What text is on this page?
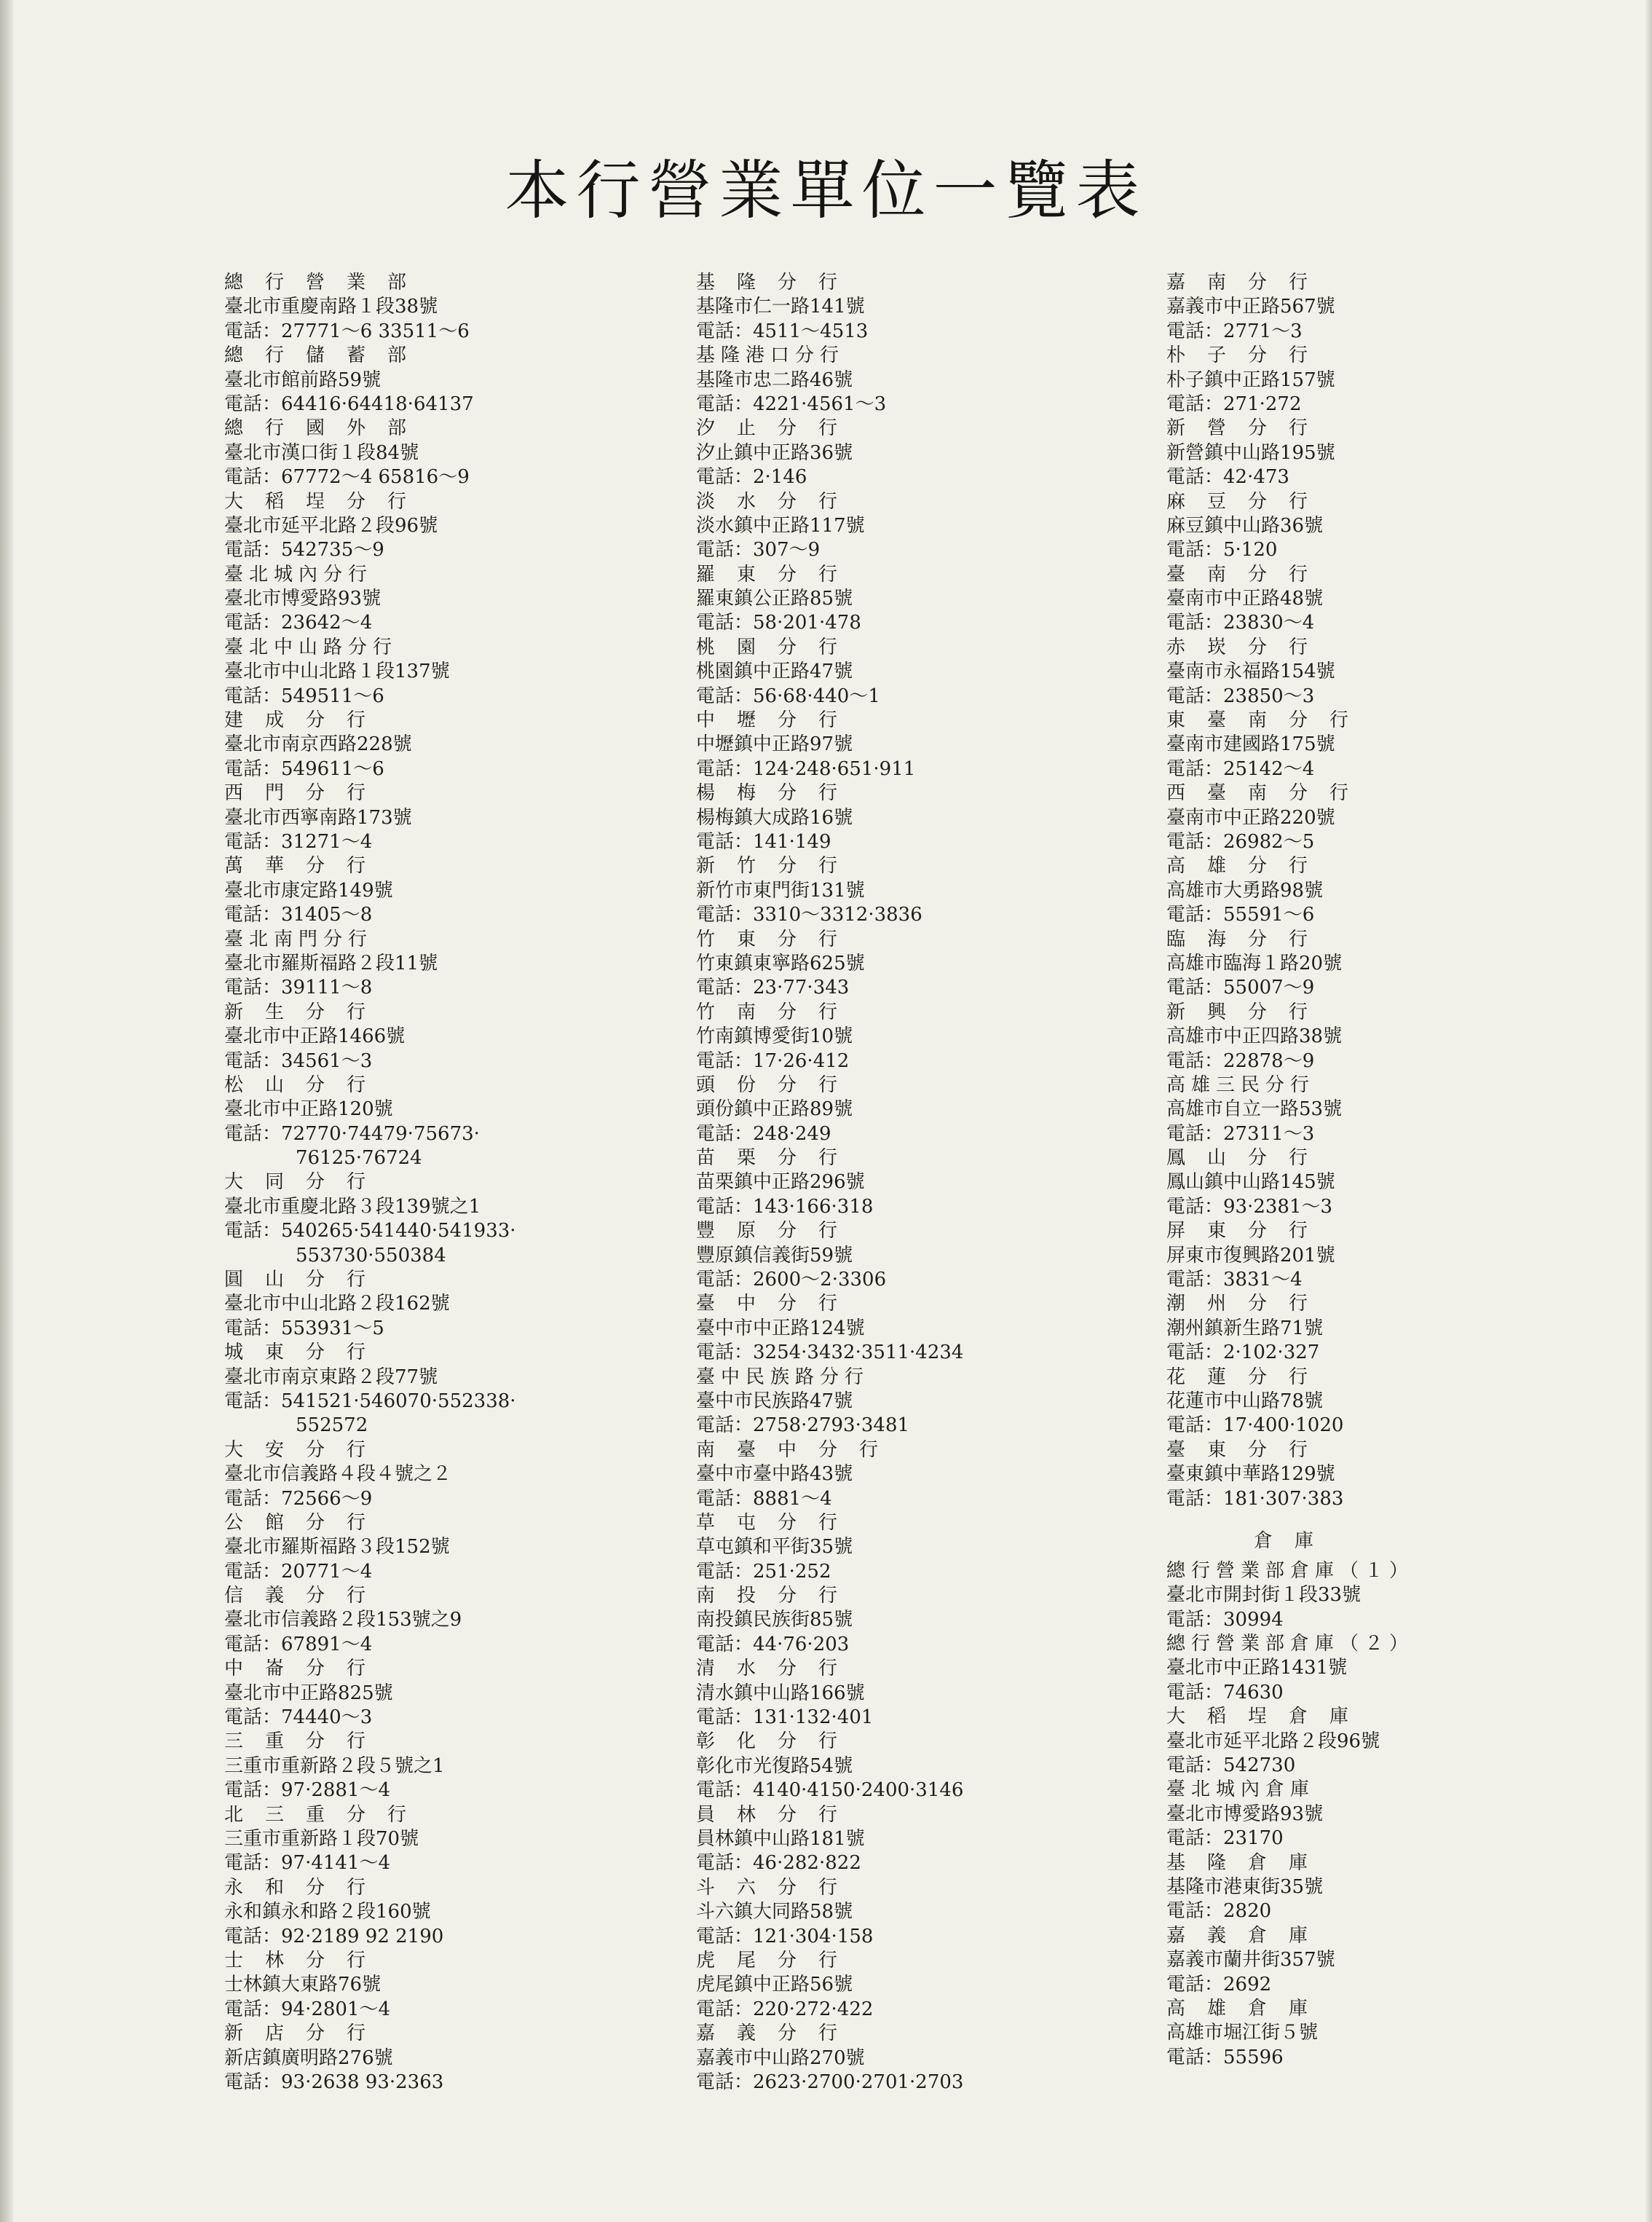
本行營業單位一覽表
總行營業部
臺北市重慶南路１段38號
電話：27771～6 33511～6
總行儲蓄部
臺北市館前路59號
電話：64416·64418·64137
總行國外部
臺北市漢口街１段84號
電話：67772～4 65816～9
大稻埕分行
臺北市延平北路２段96號
電話：542735～9
臺北城內分行
臺北市博愛路93號
電話：23642～4
臺北中山路分行
臺北市中山北路１段137號
電話：549511～6
建成分行
臺北市南京西路228號
電話：549611～6
西門分行
臺北市西寧南路173號
電話：31271～4
萬華分行
臺北市康定路149號
電話：31405～8
臺北南門分行
臺北市羅斯福路２段11號
電話：39111～8
新生分行
臺北市中正路1466號
電話：34561～3
松山分行
臺北市中正路120號
電話：72770·74479·75673·
76125·76724
大同分行
臺北市重慶北路３段139號之1
電話：540265·541440·541933·
553730·550384
圓山分行
臺北市中山北路２段162號
電話：553931～5
城東分行
臺北市南京東路２段77號
電話：541521·546070·552338·
552572
大安分行
臺北市信義路４段４號之２
電話：72566～9
公館分行
臺北市羅斯福路３段152號
電話：20771～4
信義分行
臺北市信義路２段153號之9
電話：67891～4
中崙分行
臺北市中正路825號
電話：74440～3
三重分行
三重市重新路２段５號之1
電話：97·2881～4
北三重分行
三重市重新路１段70號
電話：97·4141～4
永和分行
永和鎮永和路２段160號
電話：92·2189 92 2190
士林分行
士林鎮大東路76號
電話：94·2801～4
新店分行
新店鎮廣明路276號
電話：93·2638 93·2363
基隆分行
基隆市仁一路141號
電話：4511～4513
基隆港口分行
基隆市忠二路46號
電話：4221·4561～3
汐止分行
汐止鎮中正路36號
電話：2·146
淡水分行
淡水鎮中正路117號
電話：307～9
羅東分行
羅東鎮公正路85號
電話：58·201·478
桃園分行
桃園鎮中正路47號
電話：56·68·440～1
中壢分行
中壢鎮中正路97號
電話：124·248·651·911
楊梅分行
楊梅鎮大成路16號
電話：141·149
新竹分行
新竹市東門街131號
電話：3310～3312·3836
竹東分行
竹東鎮東寧路625號
電話：23·77·343
竹南分行
竹南鎮博愛街10號
電話：17·26·412
頭份分行
頭份鎮中正路89號
電話：248·249
苗栗分行
苗栗鎮中正路296號
電話：143·166·318
豐原分行
豐原鎮信義街59號
電話：2600～2·3306
臺中分行
臺中市中正路124號
電話：3254·3432·3511·4234
臺中民族路分行
臺中市民族路47號
電話：2758·2793·3481
南臺中分行
臺中市臺中路43號
電話：8881～4
草屯分行
草屯鎮和平街35號
電話：251·252
南投分行
南投鎮民族街85號
電話：44·76·203
清水分行
清水鎮中山路166號
電話：131·132·401
彰化分行
彰化市光復路54號
電話：4140·4150·2400·3146
員林分行
員林鎮中山路181號
電話：46·282·822
斗六分行
斗六鎮大同路58號
電話：121·304·158
虎尾分行
虎尾鎮中正路56號
電話：220·272·422
嘉義分行
嘉義市中山路270號
電話：2623·2700·2701·2703
嘉南分行
嘉義市中正路567號
電話：2771～3
朴子分行
朴子鎮中正路157號
電話：271·272
新營分行
新營鎮中山路195號
電話：42·473
麻豆分行
麻豆鎮中山路36號
電話：5·120
臺南分行
臺南市中正路48號
電話：23830～4
赤崁分行
臺南市永福路154號
電話：23850～3
東臺南分行
臺南市建國路175號
電話：25142～4
西臺南分行
臺南市中正路220號
電話：26982～5
高雄分行
高雄市大勇路98號
電話：55591～6
臨海分行
高雄市臨海１路20號
電話：55007～9
新興分行
高雄市中正四路38號
電話：22878～9
高雄三民分行
高雄市自立一路53號
電話：27311～3
鳳山分行
鳳山鎮中山路145號
電話：93·2381～3
屏東分行
屏東市復興路201號
電話：3831～4
潮州分行
潮州鎮新生路71號
電話：2·102·327
花蓮分行
花蓮市中山路78號
電話：17·400·1020
臺東分行
臺東鎮中華路129號
電話：181·307·383
倉庫
總行營業部倉庫（１）
臺北市開封街１段33號
電話：30994
總行營業部倉庫（２）
臺北市中正路1431號
電話：74630
大稻埕倉庫
臺北市延平北路２段96號
電話：542730
臺北城內倉庫
臺北市博愛路93號
電話：23170
基隆倉庫
基隆市港東街35號
電話：2820
嘉義倉庫
嘉義市蘭井街357號
電話：2692
高雄倉庫
高雄市堀江街５號
電話：55596
